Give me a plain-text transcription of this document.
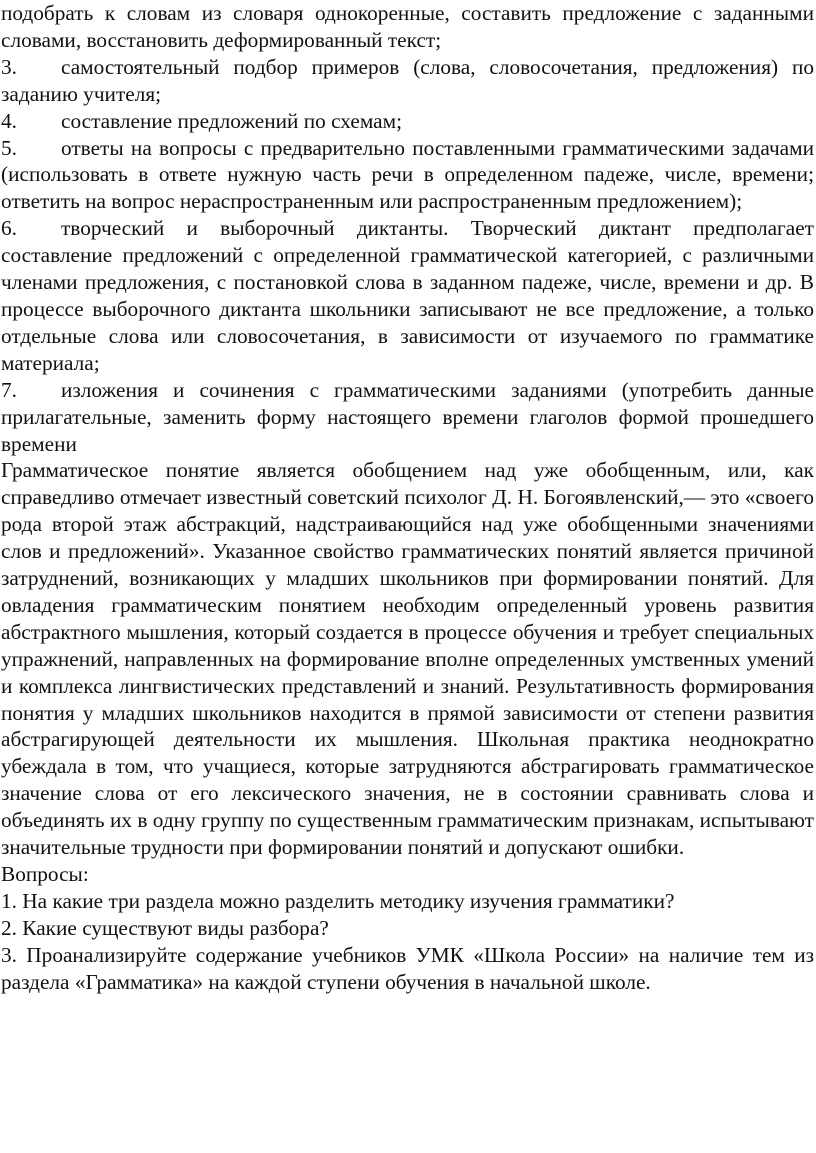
подобрать к словам из словаря однокоренные, составить предложение с заданными словами, восстановить деформированный текст;

3. самостоятельный подбор примеров (слова, словосочетания, предложения) по заданию учителя;

4. составление предложений по схемам;

5. ответы на вопросы с предварительно поставленными грамматическими задачами (использовать в ответе нужную часть речи в определенном падеже, числе, времени; ответить на вопрос нераспространенным или распространенным предложением);

6. творческий и выборочный диктанты. Творческий диктант предполагает составление предложений с определенной грамматической категорией, с различными членами предложения, с постановкой слова в заданном падеже, числе, времени и др. В процессе выборочного диктанта школьники записывают не все предложение, а только отдельные слова или словосочетания, в зависимости от изучаемого по грамматике материала;

7. изложения и сочинения с грамматическими заданиями (употребить данные прилагательные, заменить форму настоящего времени глаголов формой прошедшего времени

Грамматическое понятие является обобщением над уже обобщенным, или, как справедливо отмечает известный советский психолог Д. Н. Богоявленский,— это «своего рода второй этаж абстракций, надстраивающийся над уже обобщенными значениями слов и предложений». Указанное свойство грамматических понятий является причиной затруднений, возникающих у младших школьников при формировании понятий. Для овладения грамматическим понятием необходим определенный уровень развития абстрактного мышления, который создается в процессе обучения и требует специальных упражнений, направленных на формирование вполне определенных умственных умений и комплекса лингвистических представлений и знаний. Результативность формирования понятия у младших школьников находится в прямой зависимости от степени развития абстрагирующей деятельности их мышления. Школьная практика неоднократно убеждала в том, что учащиеся, которые затрудняются абстрагировать грамматическое значение слова от его лексического значения, не в состоянии сравнивать слова и объединять их в одну группу по существенным грамматическим признакам, испытывают значительные трудности при формировании понятий и допускают ошибки.

Вопросы:

1. На какие три раздела можно разделить методику изучения грамматики?

2. Какие существуют виды разбора?

3. Проанализируйте содержание учебников УМК «Школа России» на наличие тем из раздела «Грамматика» на каждой ступени обучения в начальной школе.
